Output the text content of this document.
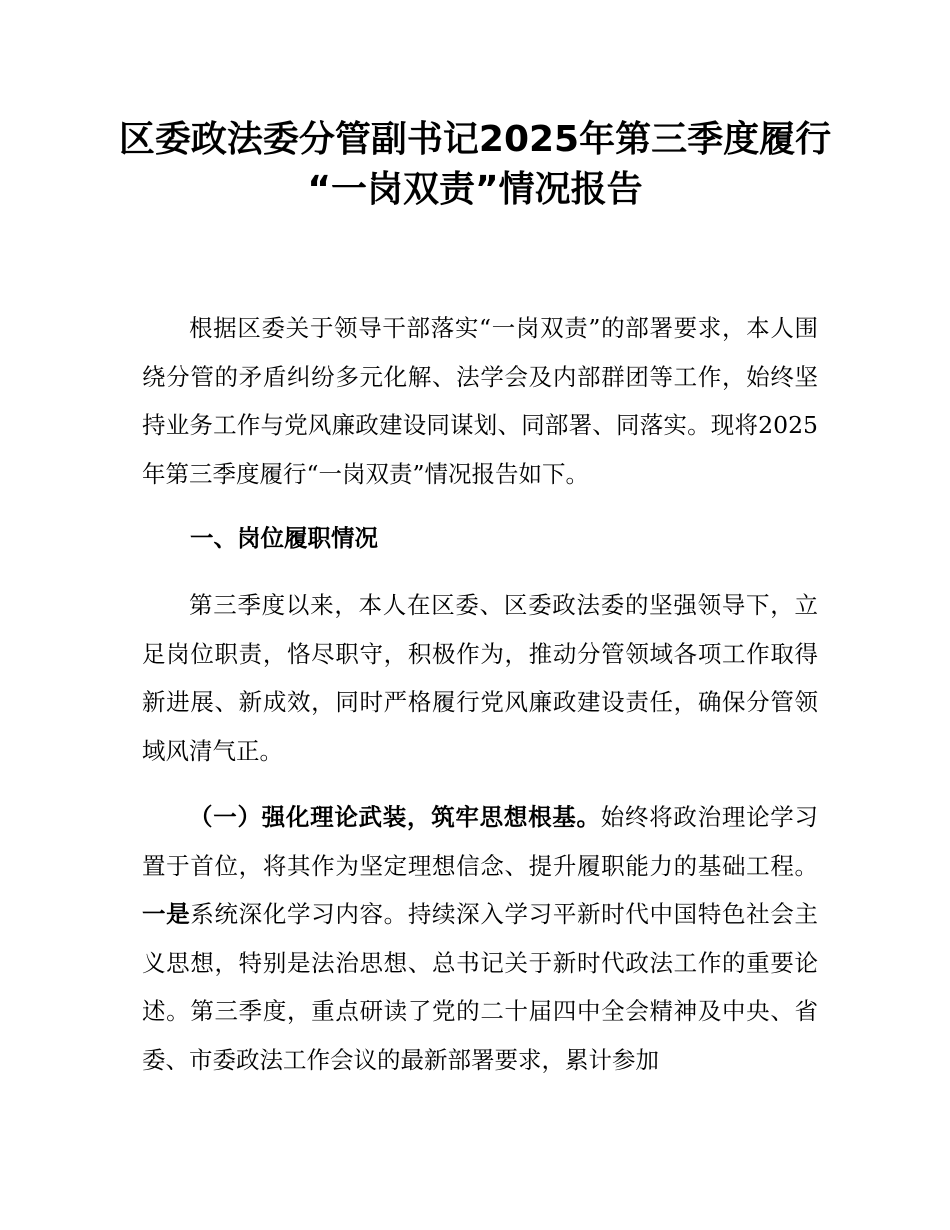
区委政法委分管副书记2025年第三季度履行
“一岗双责”情况报告

根据区委关于领导干部落实“一岗双责”的部署要求，本人围绕分管的矛盾纠纷多元化解、法学会及内部群团等工作，始终坚持业务工作与党风廉政建设同谋划、同部署、同落实。现将2025年第三季度履行“一岗双责”情况报告如下。

一、岗位履职情况

第三季度以来，本人在区委、区委政法委的坚强领导下，立足岗位职责，恪尽职守，积极作为，推动分管领域各项工作取得新进展、新成效，同时严格履行党风廉政建设责任，确保分管领域风清气正。

（一）强化理论武装，筑牢思想根基。始终将政治理论学习置于首位，将其作为坚定理想信念、提升履职能力的基础工程。一是系统深化学习内容。持续深入学习平新时代中国特色社会主义思想，特别是法治思想、总书记关于新时代政法工作的重要论述。第三季度，重点研读了党的二十届四中全会精神及中央、省委、市委政法工作会议的最新部署要求，累计参加
